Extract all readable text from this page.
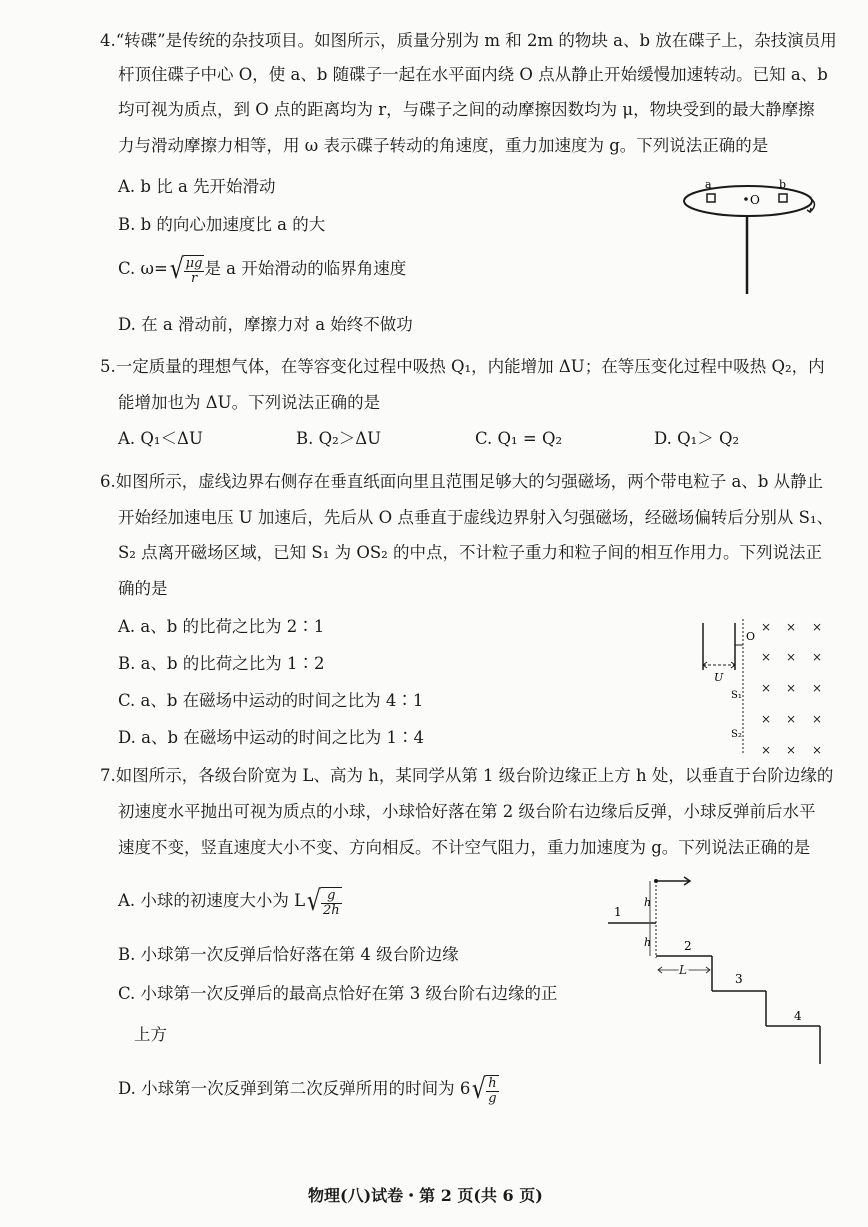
4.“转碟”是传统的杂技项目。如图所示，质量分别为 m 和 2m 的物块 a、b 放在碟子上，杂技演员用
杆顶住碟子中心 O，使 a、b 随碟子一起在水平面内绕 O 点从静止开始缓慢加速转动。已知 a、b
均可视为质点，到 O 点的距离均为 r，与碟子之间的动摩擦因数均为 μ，物块受到的最大静摩擦
力与滑动摩擦力相等，用 ω 表示碟子转动的角速度，重力加速度为 g。下列说法正确的是
A. b 比 a 先开始滑动
B. b 的向心加速度比 a 的大
C. ω= √ $\frac{\mu g}{r}$ 是 a 开始滑动的临界角速度
D. 在 a 滑动前，摩擦力对 a 始终不做功
a	b
O
5.一定质量的理想气体，在等容变化过程中吸热 Q₁，内能增加 ΔU；在等压变化过程中吸热 Q₂，内
能增加也为 ΔU。下列说法正确的是
A. Q₁＜ΔU	B. Q₂＞ΔU	C. Q₁ = Q₂	D. Q₁＞ Q₂
6.如图所示，虚线边界右侧存在垂直纸面向里且范围足够大的匀强磁场，两个带电粒子 a、b 从静止
开始经加速电压 U 加速后，先后从 O 点垂直于虚线边界射入匀强磁场，经磁场偏转后分别从 S₁、
S₂ 点离开磁场区域，已知 S₁ 为 OS₂ 的中点，不计粒子重力和粒子间的相互作用力。下列说法正
确的是
A. a、b 的比荷之比为 2∶1
B. a、b 的比荷之比为 1∶2
C. a、b 在磁场中运动的时间之比为 4∶1
D. a、b 在磁场中运动的时间之比为 1∶4
U
O
S₁
S₂
× × ×
× × ×
× × ×
× × ×
× × ×
7.如图所示，各级台阶宽为 L、高为 h，某同学从第 1 级台阶边缘正上方 h 处，以垂直于台阶边缘的
初速度水平抛出可视为质点的小球，小球恰好落在第 2 级台阶右边缘后反弹，小球反弹前后水平
速度不变，竖直速度大小不变、方向相反。不计空气阻力，重力加速度为 g。下列说法正确的是
A. 小球的初速度大小为 L √ $\frac{g}{2h}$
B. 小球第一次反弹后恰好落在第 4 级台阶边缘
C. 小球第一次反弹后的最高点恰好在第 3 级台阶右边缘的正
上方
D. 小球第一次反弹到第二次反弹所用的时间为 6 √ $\frac{h}{g}$
1
h
h	2
L
3
4
物理(八)试卷・第 2 页(共 6 页)
